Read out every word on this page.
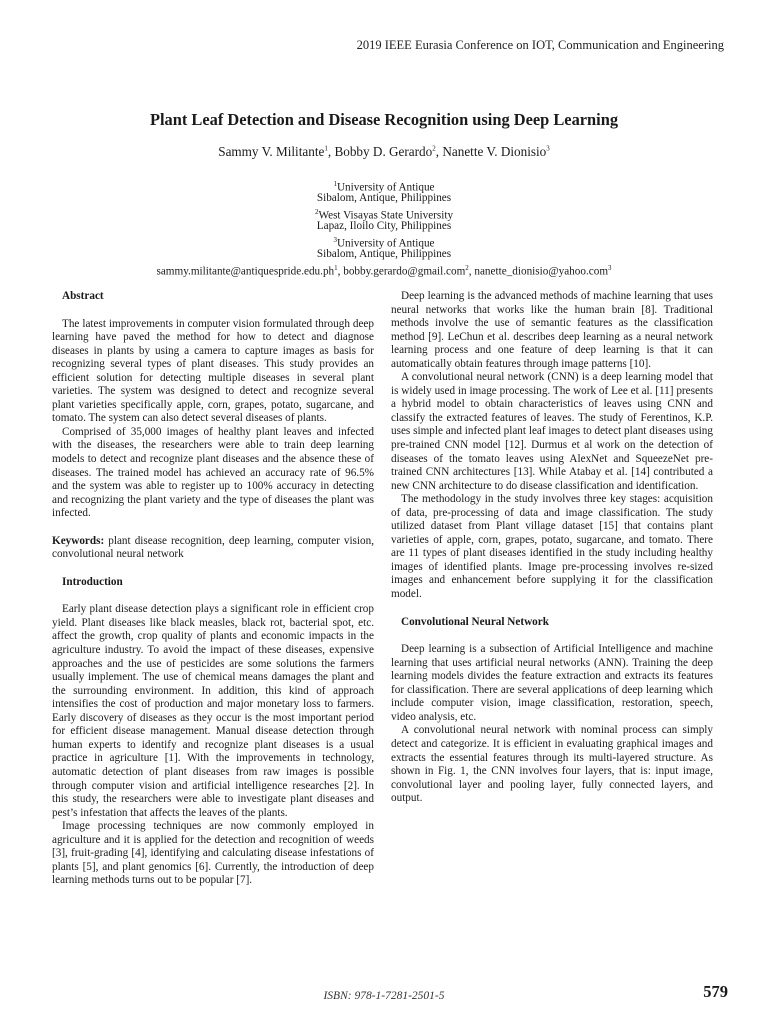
2019 IEEE Eurasia Conference on IOT, Communication and Engineering
Plant Leaf Detection and Disease Recognition using Deep Learning
Sammy V. Militante$^1$, Bobby D. Gerardo$^2$, Nanette V. Dionisio$^3$
$^1$University of Antique
Sibalom, Antique, Philippines
$^2$West Visayas State University
Lapaz, Iloilo City, Philippines
$^3$University of Antique
Sibalom, Antique, Philippines
$sammy.militante@antiquespride.edu.ph^1$, bobby.gerardo@gmail.com$^2$, nanette_dionisio@yahoo.com$^3$

Abstract

The latest improvements in computer vision formulated through deep learning have paved the method for how to detect and diagnose diseases in plants by using a camera to capture images as basis for recognizing several types of plant diseases. This study provides an efficient solution for detecting multiple diseases in several plant varieties. The system was designed to detect and recognize several plant varieties specifically apple, corn, grapes, potato, sugarcane, and tomato. The system can also detect several diseases of plants.

Comprised of 35,000 images of healthy plant leaves and infected with the diseases, the researchers were able to train deep learning models to detect and recognize plant diseases and the absence these of diseases. The trained model has achieved an accuracy rate of 96.5% and the system was able to register up to 100% accuracy in detecting and recognizing the plant variety and the type of diseases the plant was infected.

Keywords: plant disease recognition, deep learning, computer vision, convolutional neural network

Introduction

Early plant disease detection plays a significant role in efficient crop yield. Plant diseases like black measles, black rot, bacterial spot, etc. affect the growth, crop quality of plants and economic impacts in the agriculture industry. To avoid the impact of these diseases, expensive approaches and the use of pesticides are some solutions the farmers usually implement. The use of chemical means damages the plant and the surrounding environment. In addition, this kind of approach intensifies the cost of production and major monetary loss to farmers. Early discovery of diseases as they occur is the most important period for efficient disease management. Manual disease detection through human experts to identify and recognize plant diseases is a usual practice in agriculture [1]. With the improvements in technology, automatic detection of plant diseases from raw images is possible through computer vision and artificial intelligence researches [2]. In this study, the researchers were able to investigate plant diseases and pest’s infestation that affects the leaves of the plants.

Image processing techniques are now commonly employed in agriculture and it is applied for the detection and recognition of weeds [3], fruit-grading [4], identifying and calculating disease infestations of plants [5], and plant genomics [6]. Currently, the introduction of deep learning methods turns out to be popular [7].

Deep learning is the advanced methods of machine learning that uses neural networks that works like the human brain [8]. Traditional methods involve the use of semantic features as the classification method [9]. LeChun et al. describes deep learning as a neural network learning process and one feature of deep learning is that it can automatically obtain features through image patterns [10].

A convolutional neural network (CNN) is a deep learning model that is widely used in image processing. The work of Lee et al. [11] presents a hybrid model to obtain characteristics of leaves using CNN and classify the extracted features of leaves. The study of Ferentinos, K.P. uses simple and infected plant leaf images to detect plant diseases using pre-trained CNN model [12]. Durmus et al work on the detection of diseases of the tomato leaves using AlexNet and SqueezeNet pre-trained CNN architectures [13]. While Atabay et al. [14] contributed a new CNN architecture to do disease classification and identification.

The methodology in the study involves three key stages: acquisition of data, pre-processing of data and image classification. The study utilized dataset from Plant village dataset [15] that contains plant varieties of apple, corn, grapes, potato, sugarcane, and tomato. There are 11 types of plant diseases identified in the study including healthy images of identified plants. Image pre-processing involves re-sized images and enhancement before supplying it for the classification model.

Convolutional Neural Network

Deep learning is a subsection of Artificial Intelligence and machine learning that uses artificial neural networks (ANN). Training the deep learning models divides the feature extraction and extracts its features for classification. There are several applications of deep learning which include computer vision, image classification, restoration, speech, video analysis, etc.

A convolutional neural network with nominal process can simply detect and categorize. It is efficient in evaluating graphical images and extracts the essential features through its multi-layered structure. As shown in Fig. 1, the CNN involves four layers, that is: input image, convolutional layer and pooling layer, fully connected layers, and output.

ISBN: 978-1-7281-2501-5	579
